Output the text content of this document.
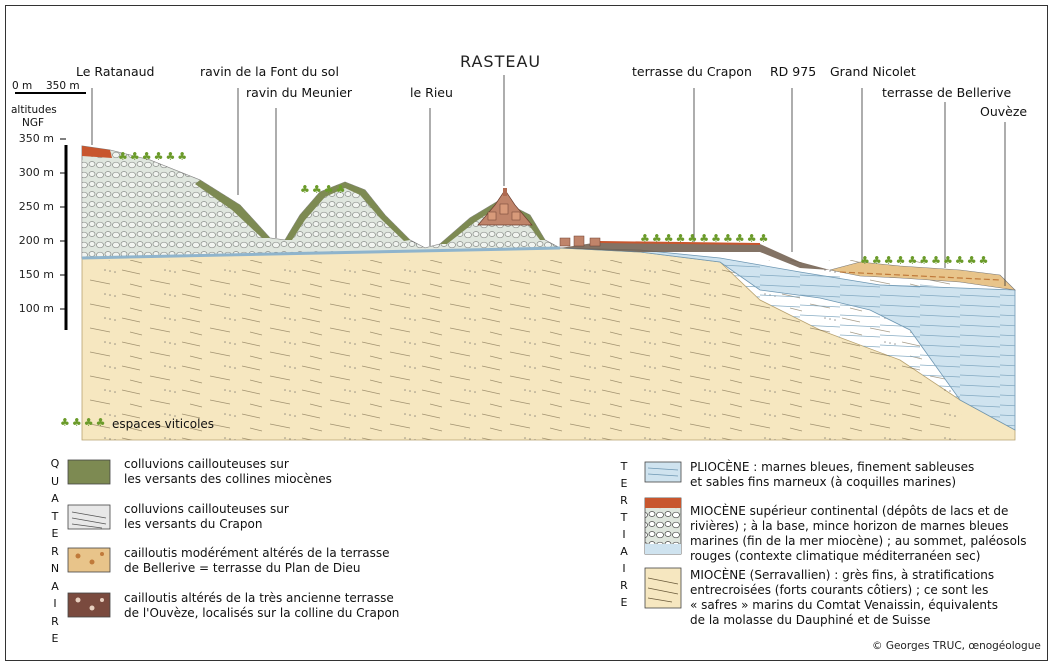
♣♣♣♣♣♣
♣♣♣♣
♣♣♣♣♣♣♣♣♣♣♣
♣♣♣♣♣♣♣♣♣♣♣
RASTEAU
Le Ratanaud	ravin de la Font du sol
ravin du Meunier	le Rieu
terrasse du Crapon RD 975 Grand Nicolet
terrasse de Bellerive
Ouvèze
0 m 350 m
altitudes
NGF
350 m
300 m
250 m
200 m
150 m
100 m
♣♣♣♣ espaces viticoles
Q
U
A
T
E
R
N
A
I
R
E
colluvions caillouteuses sur
les versants des collines miocènes
colluvions caillouteuses sur
les versants du Crapon
cailloutis modérément altérés de la terrasse
de Bellerive = terrasse du Plan de Dieu
cailloutis altérés de la très ancienne terrasse
de l'Ouvèze, localisés sur la colline du Crapon
T
E
R
T
I
A
I
R
E
PLIOCÈNE : marnes bleues, finement sableuses
et sables fins marneux (à coquilles marines)
MIOCÈNE supérieur continental (dépôts de lacs et de
rivières) ; à la base, mince horizon de marnes bleues
marines (fin de la mer miocène) ; au sommet, paléosols
rouges (contexte climatique méditerranéen sec)
MIOCÈNE (Serravallien) : grès fins, à stratifications
entrecroisées (forts courants côtiers) ; ce sont les
« safres » marins du Comtat Venaissin, équivalents
de la molasse du Dauphiné et de Suisse
© Georges TRUC, œnogéologue
